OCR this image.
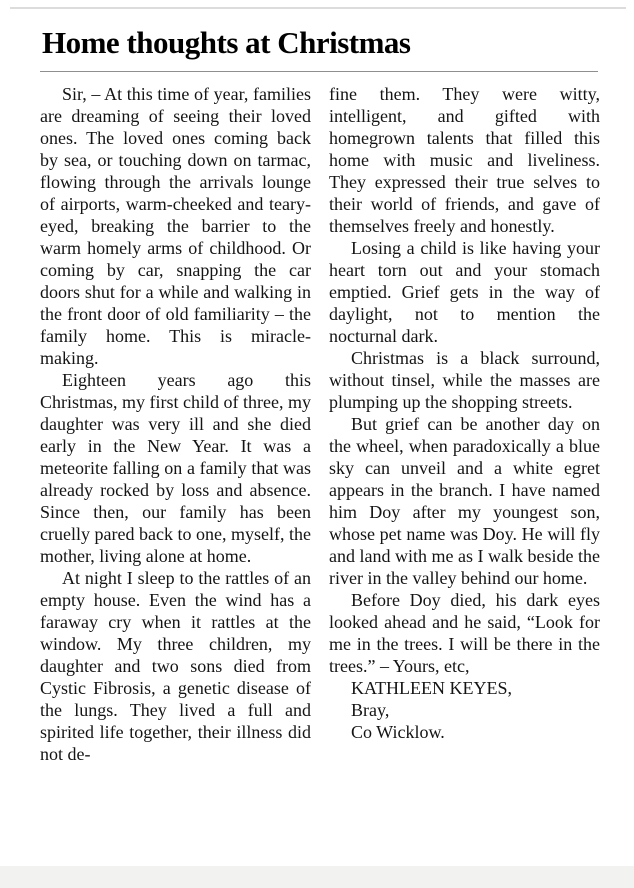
Home thoughts at Christmas

Sir, – At this time of year, families are dreaming of seeing their loved ones. The loved ones coming back by sea, or touching down on tarmac, flowing through the arrivals lounge of airports, warm-cheeked and teary-eyed, breaking the barrier to the warm homely arms of childhood. Or coming by car, snapping the car doors shut for a while and walking in the front door of old familiarity – the family home. This is miracle-making.

Eighteen years ago this Christmas, my first child of three, my daughter was very ill and she died early in the New Year. It was a meteorite falling on a family that was already rocked by loss and absence. Since then, our family has been cruelly pared back to one, myself, the mother, living alone at home.

At night I sleep to the rattles of an empty house. Even the wind has a faraway cry when it rattles at the window. My three children, my daughter and two sons died from Cystic Fibrosis, a genetic disease of the lungs. They lived a full and spirited life together, their illness did not de-

fine them. They were witty, intelligent, and gifted with homegrown talents that filled this home with music and liveliness. They expressed their true selves to their world of friends, and gave of themselves freely and honestly.

Losing a child is like having your heart torn out and your stomach emptied. Grief gets in the way of daylight, not to mention the nocturnal dark.

Christmas is a black surround, without tinsel, while the masses are plumping up the shopping streets.

But grief can be another day on the wheel, when paradoxically a blue sky can unveil and a white egret appears in the branch. I have named him Doy after my youngest son, whose pet name was Doy. He will fly and land with me as I walk beside the river in the valley behind our home.

Before Doy died, his dark eyes looked ahead and he said, “Look for me in the trees. I will be there in the trees.” – Yours, etc,

KATHLEEN KEYES,

Bray,

Co Wicklow.
